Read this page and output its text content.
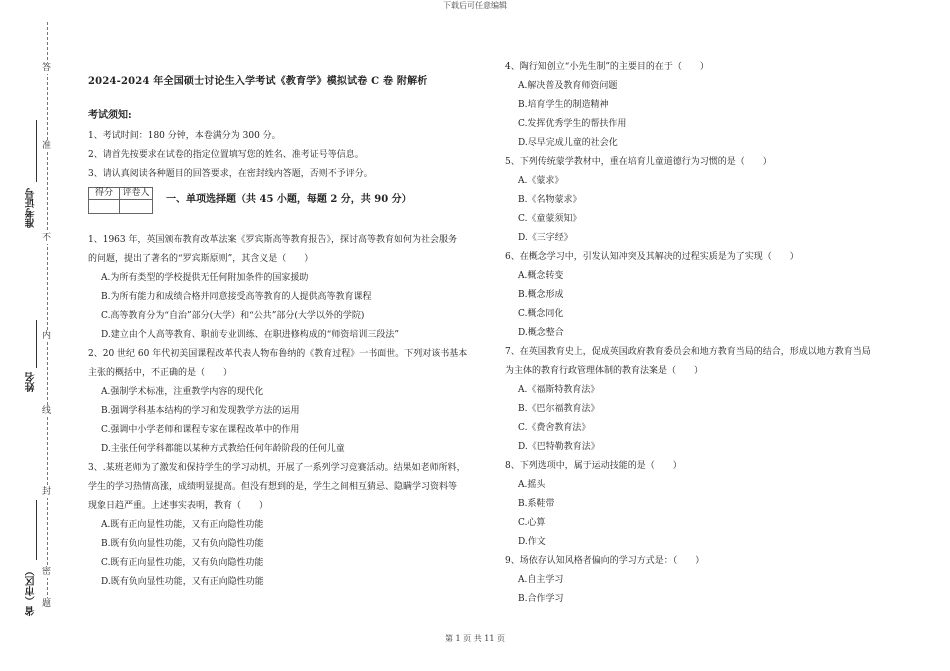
下载后可任意编辑
答
准
不
内
线
封
密
题
准考证号
姓名
省（市区）
2024-2024 年全国硕士讨论生入学考试《教育学》模拟试卷 C 卷 附解析
考试须知:
1、考试时间：180 分钟，本卷满分为 300 分。
2、请首先按要求在试卷的指定位置填写您的姓名、准考证号等信息。
3、请认真阅读各种题目的回答要求，在密封线内答题，否则不予评分。
得分	评卷人
一、单项选择题（共 45 小题，每题 2 分，共 90 分）
1、1963 年，英国颁布教育改革法案《罗宾斯高等教育报告》，探讨高等教育如何为社会服务
的问题，提出了著名的“罗宾斯原则”，其含义是（　　）
A.为所有类型的学校提供无任何附加条件的国家援助
B.为所有能力和成绩合格并同意接受高等教育的人提供高等教育课程
C.高等教育分为“自治”部分(大学）和“公共”部分(大学以外的学院)
D.建立由个人高等教育、职前专业训练、在职进修构成的“师资培训三段法”
2、20 世纪 60 年代初美国课程改革代表人物布鲁纳的《教育过程》一书面世。下列对该书基本
主张的概括中，不正确的是（　　）
A.强制学术标准，注重教学内容的现代化
B.强调学科基本结构的学习和发现教学方法的运用
C.强调中小学老师和课程专家在课程改革中的作用
D.主张任何学科都能以某种方式教给任何年龄阶段的任何儿童
3、.某班老师为了激发和保持学生的学习动机，开展了一系列学习竞赛活动。结果如老师所料，
学生的学习热情高涨，成绩明显提高。但没有想到的是，学生之间相互猜忌、隐瞒学习资料等
现象日趋严重。上述事实表明，教育（　　）
A.既有正向显性功能，又有正向隐性功能
B.既有负向显性功能，又有负向隐性功能
C.既有正向显性功能，又有负向隐性功能
D.既有负向显性功能，又有正向隐性功能
4、陶行知创立“小先生制”的主要目的在于（　　）
A.解决普及教育师资问题
B.培育学生的制造精神
C.发挥优秀学生的帮扶作用
D.尽早完成儿童的社会化
5、下列传统蒙学教材中，重在培育儿童道德行为习惯的是（　　）
A.《蒙求》
B.《名物蒙求》
C.《童蒙须知》
D.《三字经》
6、在概念学习中，引发认知冲突及其解决的过程实质是为了实现（　　）
A.概念转变
B.概念形成
C.概念同化
D.概念整合
7、在英国教育史上，促成英国政府教育委员会和地方教育当局的结合，形成以地方教育当局
为主体的教育行政管理体制的教育法案是（　　）
A.《福斯特教育法》
B.《巴尔福教育法》
C.《费舍教育法》
D.《巴特勒教育法》
8、下列选项中，属于运动技能的是（　　）
A.摇头
B.系鞋带
C.心算
D.作文
9、场依存认知风格者偏向的学习方式是：（　　）
A.自主学习
B.合作学习
第 1 页 共 11 页
